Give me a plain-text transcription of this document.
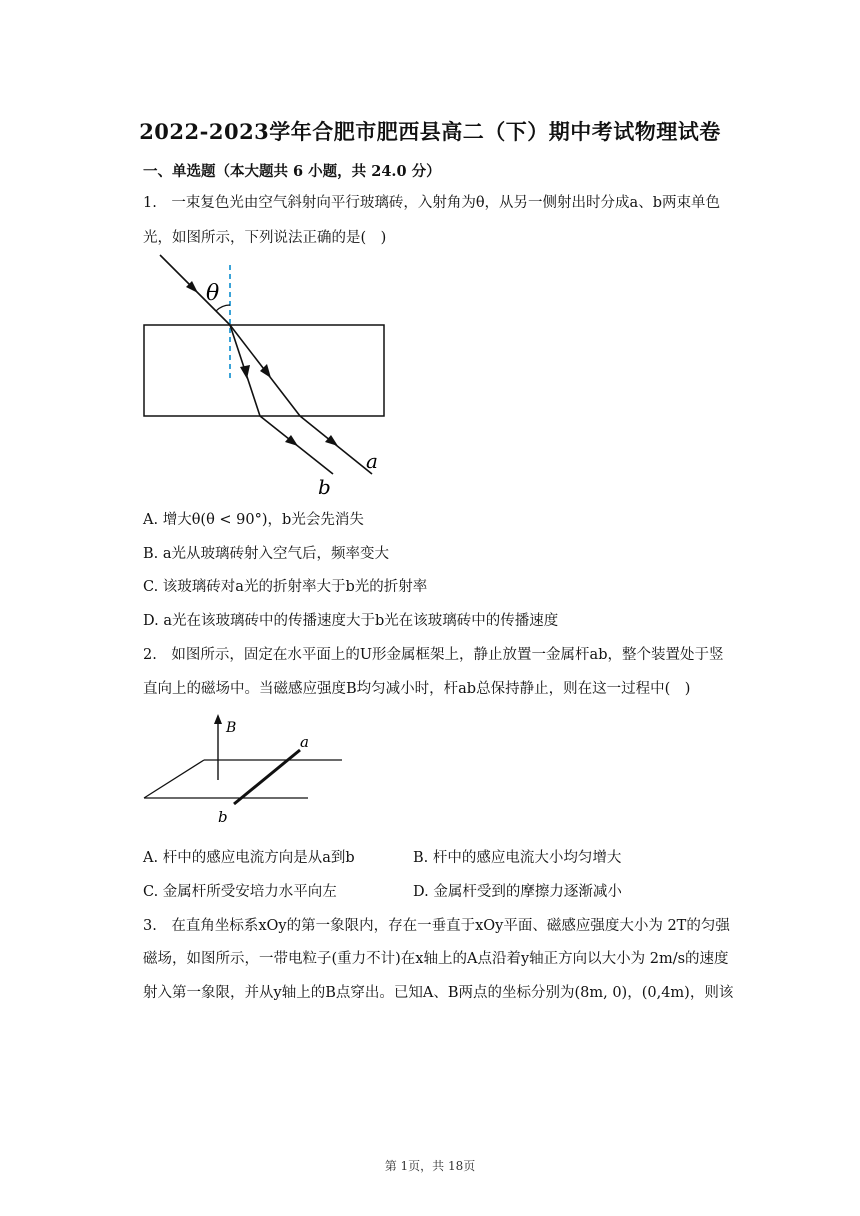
2022-2023学年合肥市肥西县高二（下）期中考试物理试卷
一、单选题（本大题共 6 小题，共 24.0 分）
1.　一束复色光由空气斜射向平行玻璃砖，入射角为θ，从另一侧射出时分成a、b两束单色
光，如图所示，下列说法正确的是(　)
θ
a
b
A. 增大θ(θ < 90°)，b光会先消失
B. a光从玻璃砖射入空气后，频率变大
C. 该玻璃砖对a光的折射率大于b光的折射率
D. a光在该玻璃砖中的传播速度大于b光在该玻璃砖中的传播速度
2.　如图所示，固定在水平面上的U形金属框架上，静止放置一金属杆ab，整个装置处于竖
直向上的磁场中。当磁感应强度B均匀减小时，杆ab总保持静止，则在这一过程中(　)
B
a
b
A. 杆中的感应电流方向是从a到b	B. 杆中的感应电流大小均匀增大
C. 金属杆所受安培力水平向左	D. 金属杆受到的摩擦力逐渐减小
3.　在直角坐标系xOy的第一象限内，存在一垂直于xOy平面、磁感应强度大小为 2T的匀强
磁场，如图所示，一带电粒子(重力不计)在x轴上的A点沿着y轴正方向以大小为 2m/s的速度
射入第一象限，并从y轴上的B点穿出。已知A、B两点的坐标分别为(8m, 0)，(0,4m)，则该
第 1页，共 18页
